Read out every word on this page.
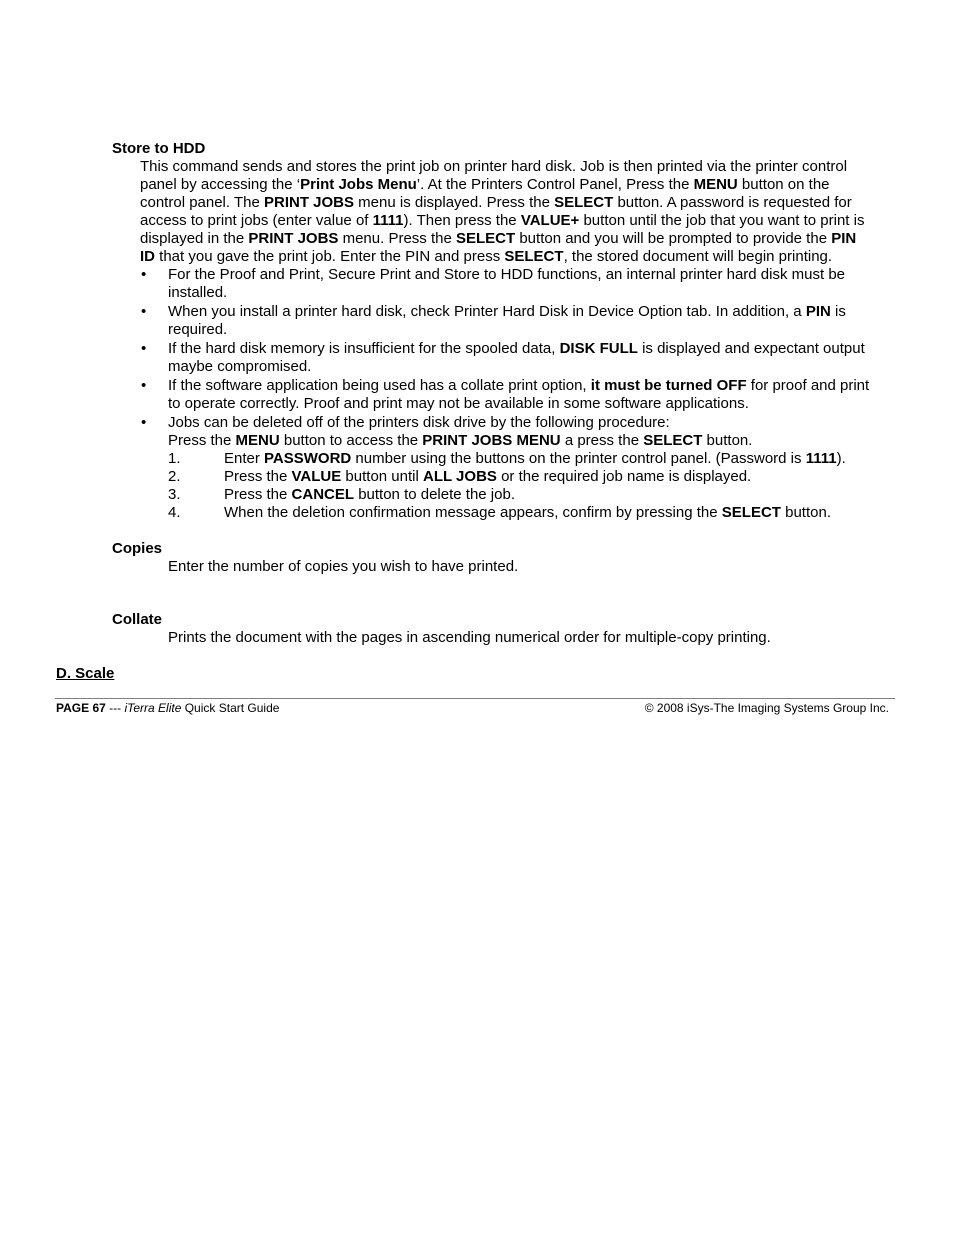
Store to HDD
This command sends and stores the print job on printer hard disk. Job is then printed via the printer control
panel by accessing the ‘Print Jobs Menu’. At the Printers Control Panel, Press the MENU button on the
control panel. The PRINT JOBS menu is displayed. Press the SELECT button. A password is requested for
access to print jobs (enter value of 1111). Then press the VALUE+ button until the job that you want to print is
displayed in the PRINT JOBS menu. Press the SELECT button and you will be prompted to provide the PIN
ID that you gave the print job. Enter the PIN and press SELECT, the stored document will begin printing.
• For the Proof and Print, Secure Print and Store to HDD functions, an internal printer hard disk must be
installed.
• When you install a printer hard disk, check Printer Hard Disk in Device Option tab. In addition, a PIN is
required.
• If the hard disk memory is insufficient for the spooled data, DISK FULL is displayed and expectant output
maybe compromised.
• If the software application being used has a collate print option, it must be turned OFF for proof and print
to operate correctly. Proof and print may not be available in some software applications.
• Jobs can be deleted off of the printers disk drive by the following procedure:
Press the MENU button to access the PRINT JOBS MENU a press the SELECT button.
1.	Enter PASSWORD number using the buttons on the printer control panel. (Password is 1111).
2.	Press the VALUE button until ALL JOBS or the required job name is displayed.
3.	Press the CANCEL button to delete the job.
4.	When the deletion confirmation message appears, confirm by pressing the SELECT button.
Copies
Enter the number of copies you wish to have printed.
Collate
Prints the document with the pages in ascending numerical order for multiple-copy printing.
D. Scale
PAGE 67 --- iTerra Elite Quick Start Guide	© 2008 iSys-The Imaging Systems Group Inc.
